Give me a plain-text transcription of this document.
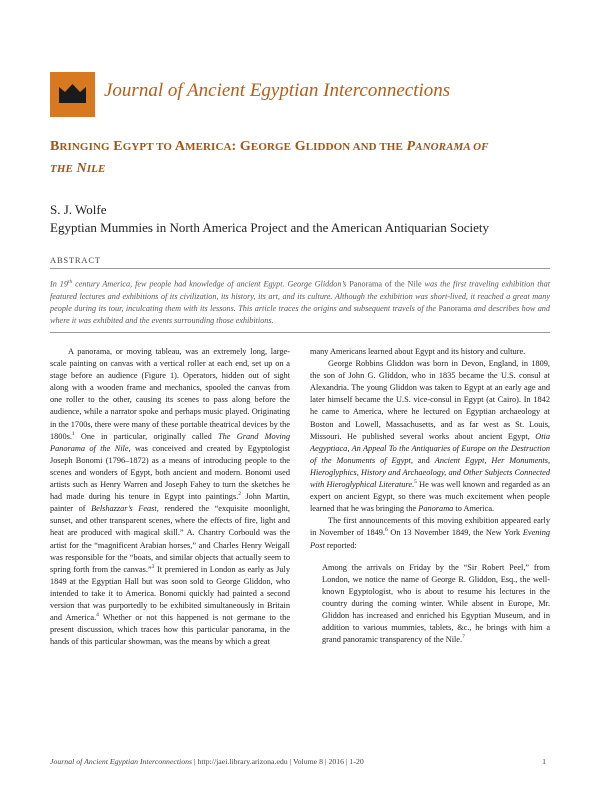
Journal of Ancient Egyptian Interconnections
BRINGING EGYPT TO AMERICA: GEORGE GLIDDON AND THE PANORAMA OF
THE NILE
S. J. Wolfe
Egyptian Mummies in North America Project and the American Antiquarian Society
ABSTRACT
In 19th century America, few people had knowledge of ancient Egypt. George Gliddon’s Panorama of the Nile was the first traveling exhibition that featured lectures and exhibitions of its civilization, its history, its art, and its culture. Although the exhibition was short-lived, it reached a great many people during its tour, inculcating them with its lessons. This article traces the origins and subsequent travels of the Panorama and describes how and where it was exhibited and the events surrounding those exhibitions.

A panorama, or moving tableau, was an extremely long, large-scale painting on canvas with a vertical roller at each end, set up on a stage before an audience (Figure 1). Operators, hidden out of sight along with a wooden frame and mechanics, spooled the canvas from one roller to the other, causing its scenes to pass along before the audience, while a narrator spoke and perhaps music played. Originating in the 1700s, there were many of these portable theatrical devices by the 1800s.$^1$ One in particular, originally called The Grand Moving Panorama of the Nile, was conceived and created by Egyptologist Joseph Bonomi (1796–1872) as a means of introducing people to the scenes and wonders of Egypt, both ancient and modern. Bonomi used artists such as Henry Warren and Joseph Fahey to turn the sketches he had made during his tenure in Egypt into paintings.$^2$ John Martin, painter of Belshazzar’s Feast, rendered the “exquisite moonlight, sunset, and other transparent scenes, where the effects of fire, light and heat are produced with magical skill.” A. Chantry Corbould was the artist for the “magnificent Arabian horses,” and Charles Henry Weigall was responsible for the “boats, and similar objects that actually seem to spring forth from the canvas.”$^3$ It premiered in London as early as July 1849 at the Egyptian Hall but was soon sold to George Gliddon, who intended to take it to America. Bonomi quickly had painted a second version that was purportedly to be exhibited simultaneously in Britain and America.$^4$ Whether or not this happened is not germane to the present discussion, which traces how this particular panorama, in the hands of this particular showman, was the means by which a great

many Americans learned about Egypt and its history and culture.

George Robbins Gliddon was born in Devon, England, in 1809, the son of John G. Gliddon, who in 1835 became the U.S. consul at Alexandria. The young Gliddon was taken to Egypt at an early age and later himself became the U.S. vice-consul in Egypt (at Cairo). In 1842 he came to America, where he lectured on Egyptian archaeology at Boston and Lowell, Massachusetts, and as far west as St. Louis, Missouri. He published several works about ancient Egypt, Otia Aegyptiaca, An Appeal To the Antiquaries of Europe on the Destruction of the Monuments of Egypt, and Ancient Egypt, Her Monuments, Hieroglyphics, History and Archaeology, and Other Subjects Connected with Hieroglyphical Literature.$^5$ He was well known and regarded as an expert on ancient Egypt, so there was much excitement when people learned that he was bringing the Panorama to America.

The first announcements of this moving exhibition appeared early in November of 1849.$^6$ On 13 November 1849, the New York Evening Post reported:

Among the arrivals on Friday by the “Sir Robert Peel,” from London, we notice the name of George R. Gliddon, Esq., the well-known Egyptologist, who is about to resume his lectures in the country during the coming winter. While absent in Europe, Mr. Gliddon has increased and enriched his Egyptian Museum, and in addition to various mummies, tablets, &c., he brings with him a grand panoramic transparency of the Nile.$^7$
Journal of Ancient Egyptian Interconnections | http://jaei.library.arizona.edu | Volume 8 | 2016 | 1-20	1
